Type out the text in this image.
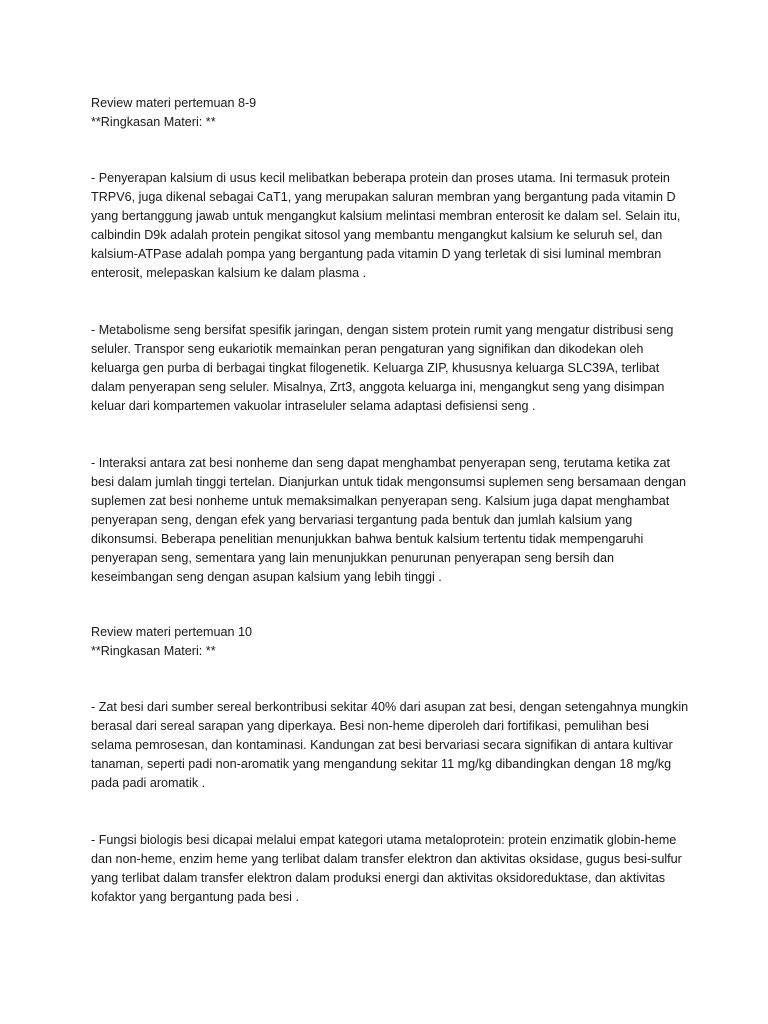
Review materi pertemuan 8-9

**Ringkasan Materi: **

- Penyerapan kalsium di usus kecil melibatkan beberapa protein dan proses utama. Ini termasuk protein TRPV6, juga dikenal sebagai CaT1, yang merupakan saluran membran yang bergantung pada vitamin D yang bertanggung jawab untuk mengangkut kalsium melintasi membran enterosit ke dalam sel. Selain itu, calbindin D9k adalah protein pengikat sitosol yang membantu mengangkut kalsium ke seluruh sel, dan kalsium-ATPase adalah pompa yang bergantung pada vitamin D yang terletak di sisi luminal membran enterosit, melepaskan kalsium ke dalam plasma .

- Metabolisme seng bersifat spesifik jaringan, dengan sistem protein rumit yang mengatur distribusi seng seluler. Transpor seng eukariotik memainkan peran pengaturan yang signifikan dan dikodekan oleh keluarga gen purba di berbagai tingkat filogenetik. Keluarga ZIP, khususnya keluarga SLC39A, terlibat dalam penyerapan seng seluler. Misalnya, Zrt3, anggota keluarga ini, mengangkut seng yang disimpan keluar dari kompartemen vakuolar intraseluler selama adaptasi defisiensi seng .

- Interaksi antara zat besi nonheme dan seng dapat menghambat penyerapan seng, terutama ketika zat besi dalam jumlah tinggi tertelan. Dianjurkan untuk tidak mengonsumsi suplemen seng bersamaan dengan suplemen zat besi nonheme untuk memaksimalkan penyerapan seng. Kalsium juga dapat menghambat penyerapan seng, dengan efek yang bervariasi tergantung pada bentuk dan jumlah kalsium yang dikonsumsi. Beberapa penelitian menunjukkan bahwa bentuk kalsium tertentu tidak mempengaruhi penyerapan seng, sementara yang lain menunjukkan penurunan penyerapan seng bersih dan keseimbangan seng dengan asupan kalsium yang lebih tinggi .

Review materi pertemuan 10

**Ringkasan Materi: **

- Zat besi dari sumber sereal berkontribusi sekitar 40% dari asupan zat besi, dengan setengahnya mungkin berasal dari sereal sarapan yang diperkaya. Besi non-heme diperoleh dari fortifikasi, pemulihan besi selama pemrosesan, dan kontaminasi. Kandungan zat besi bervariasi secara signifikan di antara kultivar tanaman, seperti padi non-aromatik yang mengandung sekitar 11 mg/kg dibandingkan dengan 18 mg/kg pada padi aromatik .

- Fungsi biologis besi dicapai melalui empat kategori utama metaloprotein: protein enzimatik globin-heme dan non-heme, enzim heme yang terlibat dalam transfer elektron dan aktivitas oksidase, gugus besi-sulfur yang terlibat dalam transfer elektron dalam produksi energi dan aktivitas oksidoreduktase, dan aktivitas kofaktor yang bergantung pada besi .
